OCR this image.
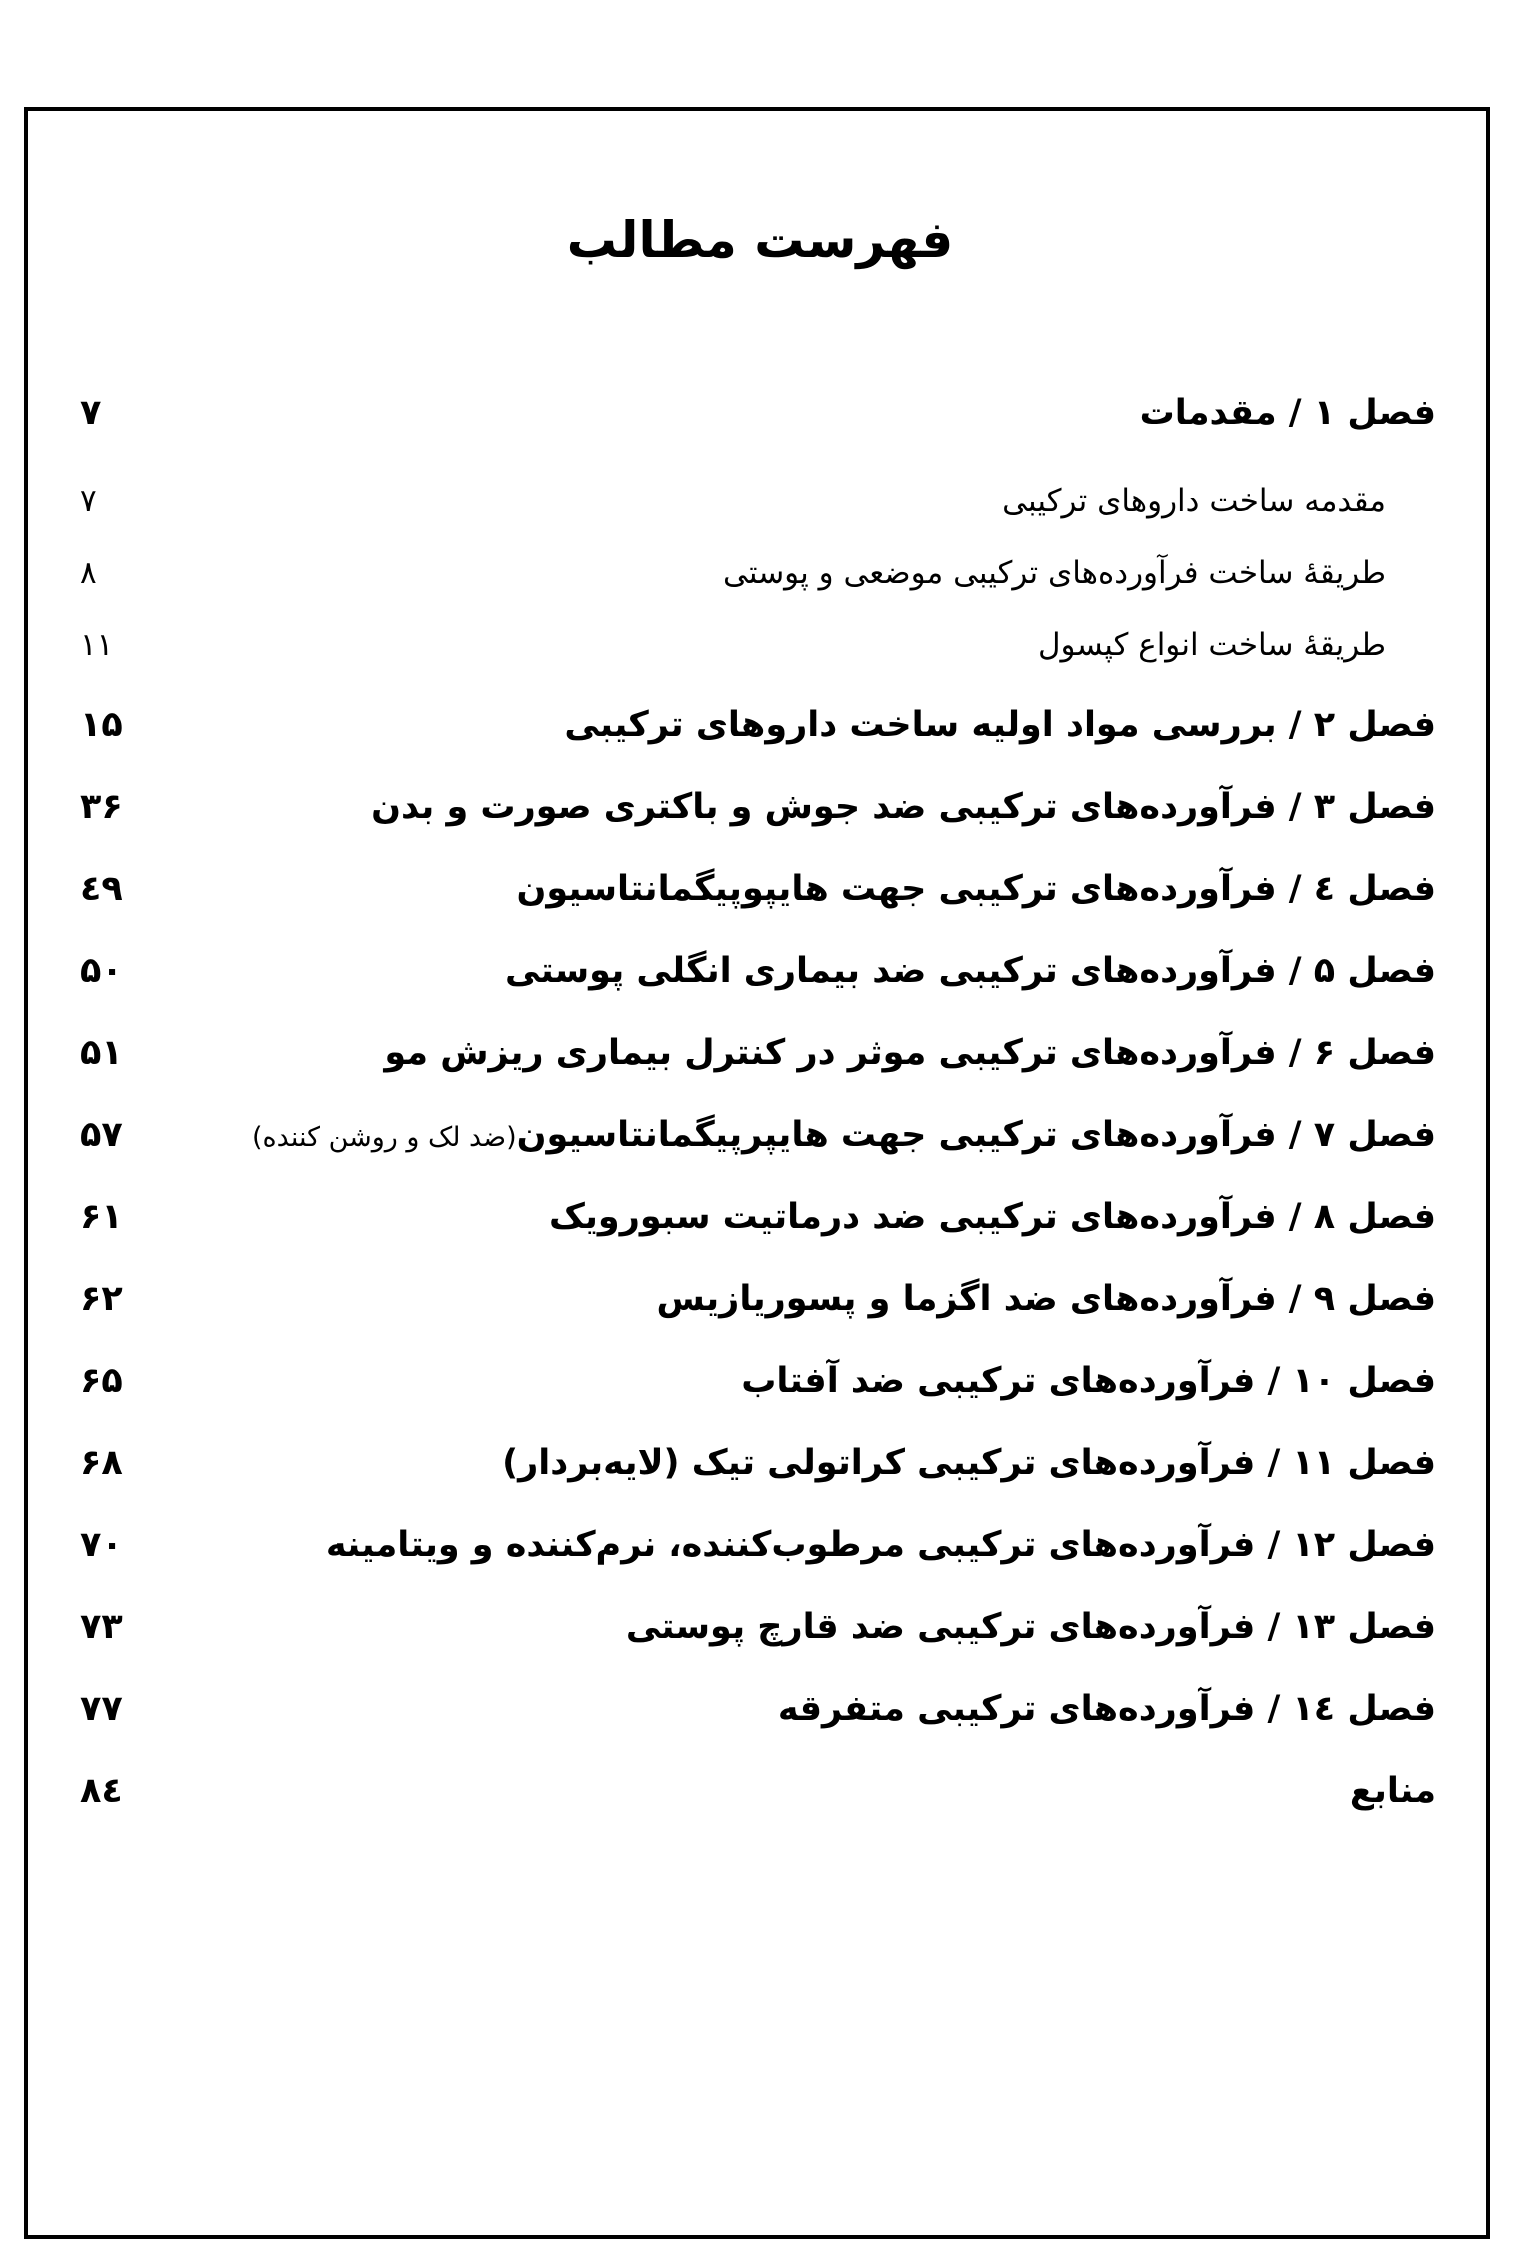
فهرست مطالب
فصل ۱ / مقدمات
۷
مقدمه ساخت داروهای ترکیبی
۷
طریقهٔ ساخت فرآورده‌های ترکیبی موضعی و پوستی
۸
طریقهٔ ساخت انواع کپسول
۱۱
فصل ۲ / بررسی مواد اولیه ساخت داروهای ترکیبی
۱۵
فصل ۳ / فرآورده‌های ترکیبی ضد جوش و باکتری صورت و بدن
۳۶
فصل ٤ / فرآورده‌های ترکیبی جهت هایپوپیگمانتاسیون
٤۹
فصل ۵ / فرآورده‌های ترکیبی ضد بیماری انگلی پوستی
۵۰
فصل ۶ / فرآورده‌های ترکیبی موثر در کنترل بیماری ریزش مو
۵۱
فصل ۷ / فرآورده‌های ترکیبی جهت هایپرپیگمانتاسیون(ضد لک و روشن کننده)
۵۷
فصل ۸ / فرآورده‌های ترکیبی ضد درماتیت سبورویک
۶۱
فصل ۹ / فرآورده‌های ضد اگزما و پسوریازیس
۶۲
فصل ۱۰ / فرآورده‌های ترکیبی ضد آفتاب
۶۵
فصل ۱۱ / فرآورده‌های ترکیبی کراتولی تیک (لایه‌بردار)
۶۸
فصل ۱۲ / فرآورده‌های ترکیبی مرطوب‌کننده، نرم‌کننده و ویتامینه
۷۰
فصل ۱۳ / فرآورده‌های ترکیبی ضد قارچ پوستی
۷۳
فصل ١٤ / فرآورده‌های ترکیبی متفرقه
۷۷
منابع
۸٤
